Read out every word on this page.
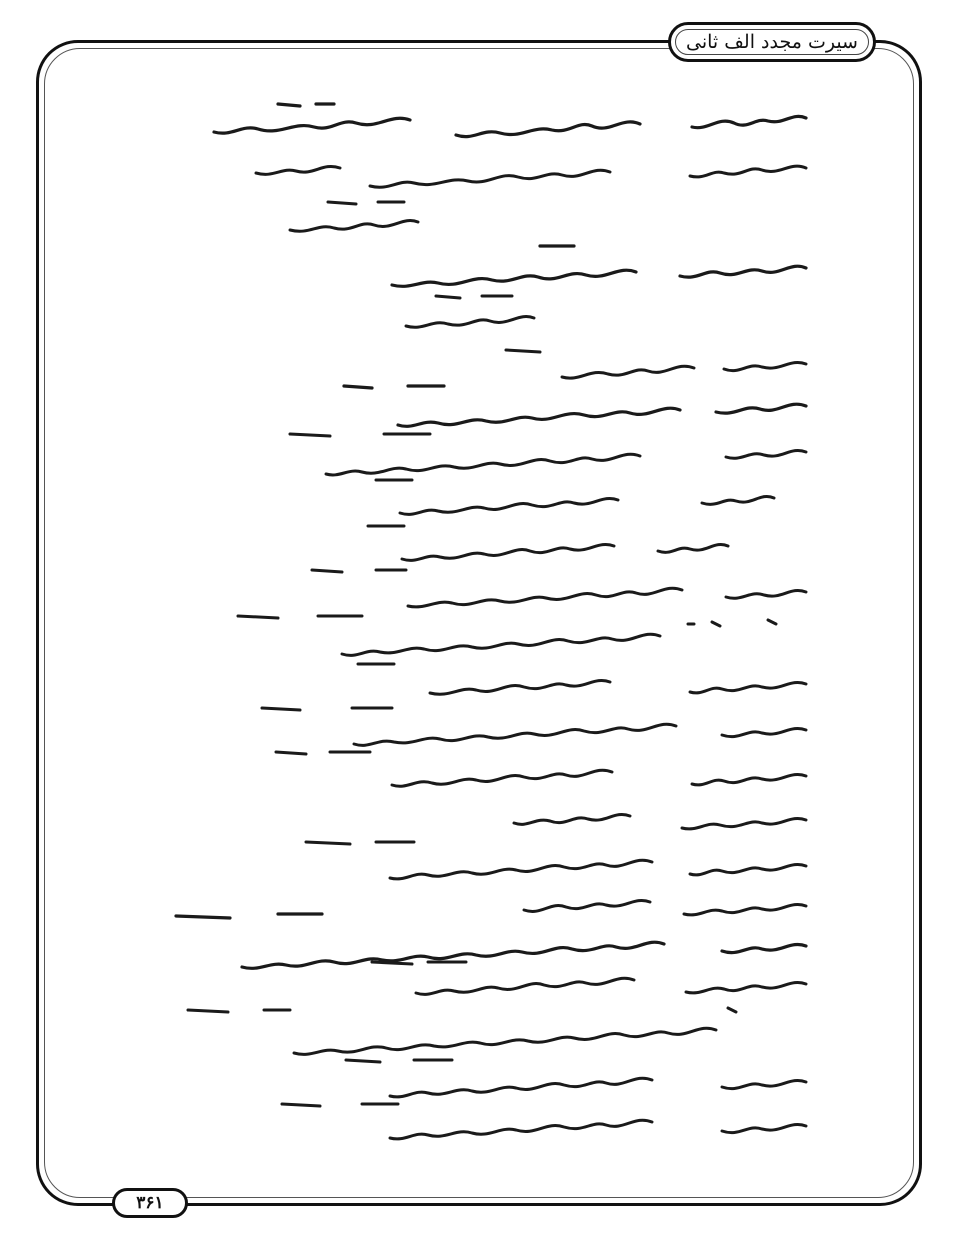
سیرت مجدد الف ثانی
۳۶۱
